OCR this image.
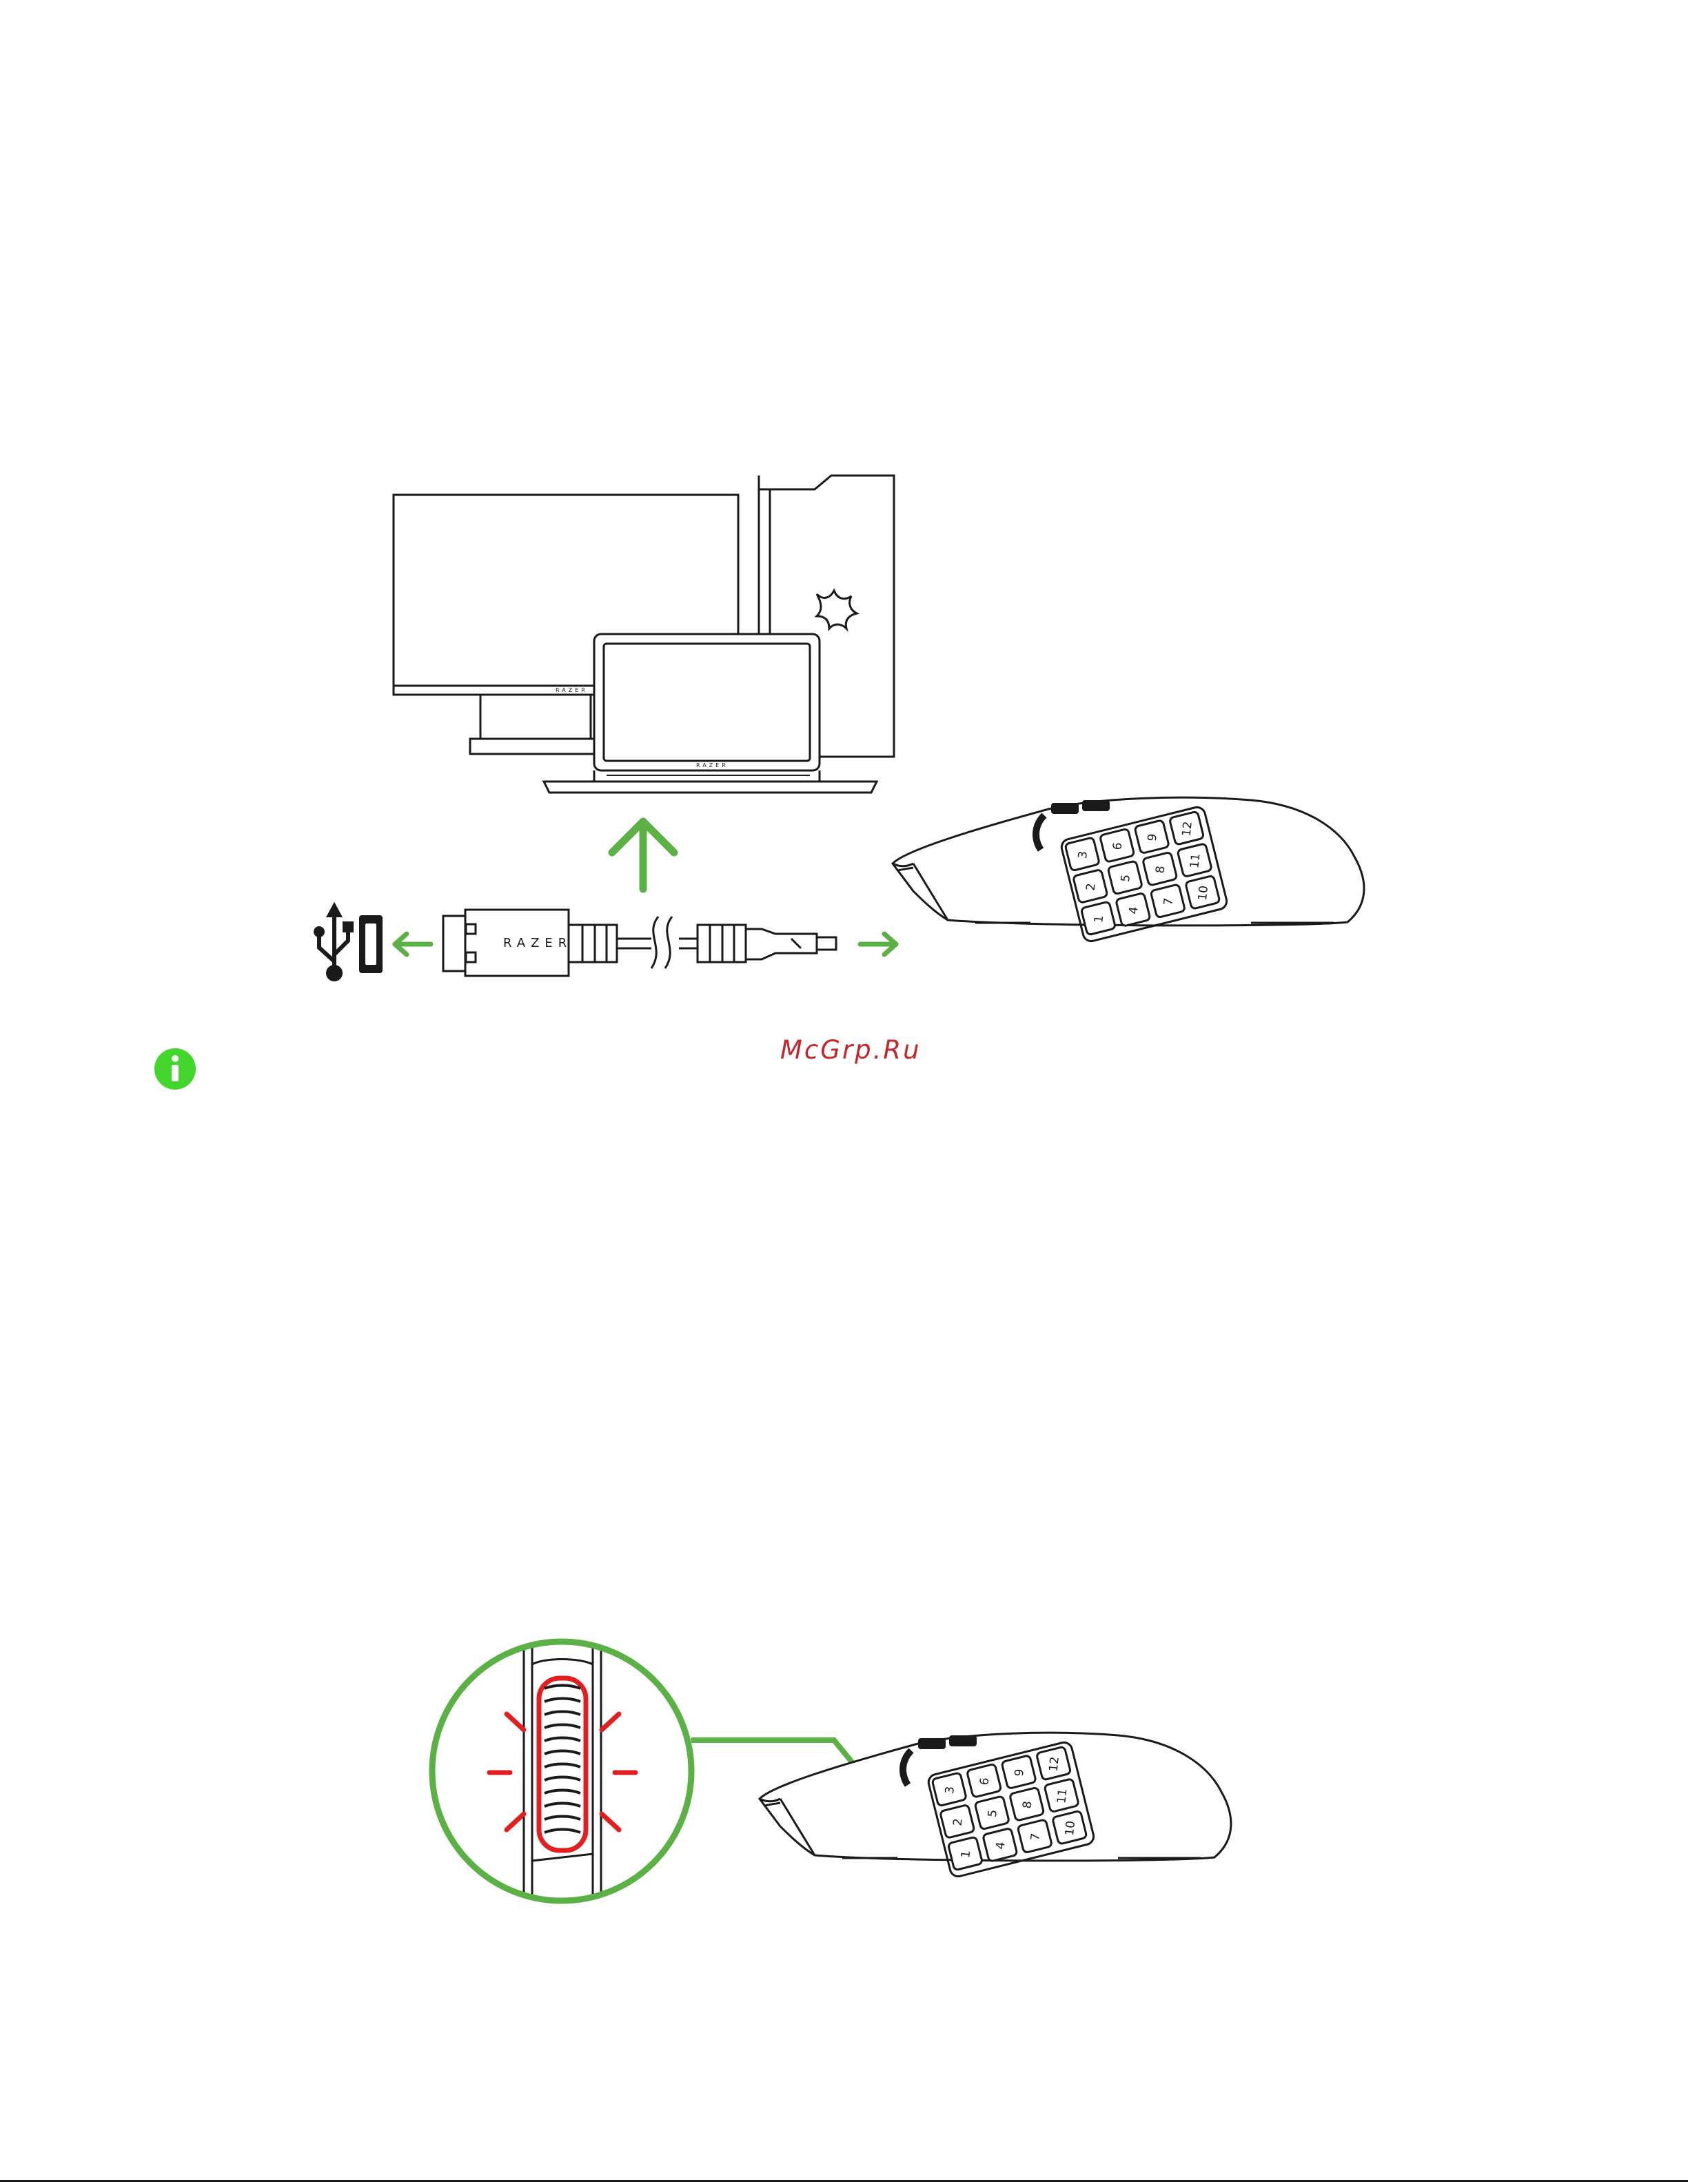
RAZER
RAZER
RAZER
1
2
3
4
5
6
7
8
9
10
11
12
1
2
3
4
5
6
7
8
9
10
11
12
McGrp.Ru
